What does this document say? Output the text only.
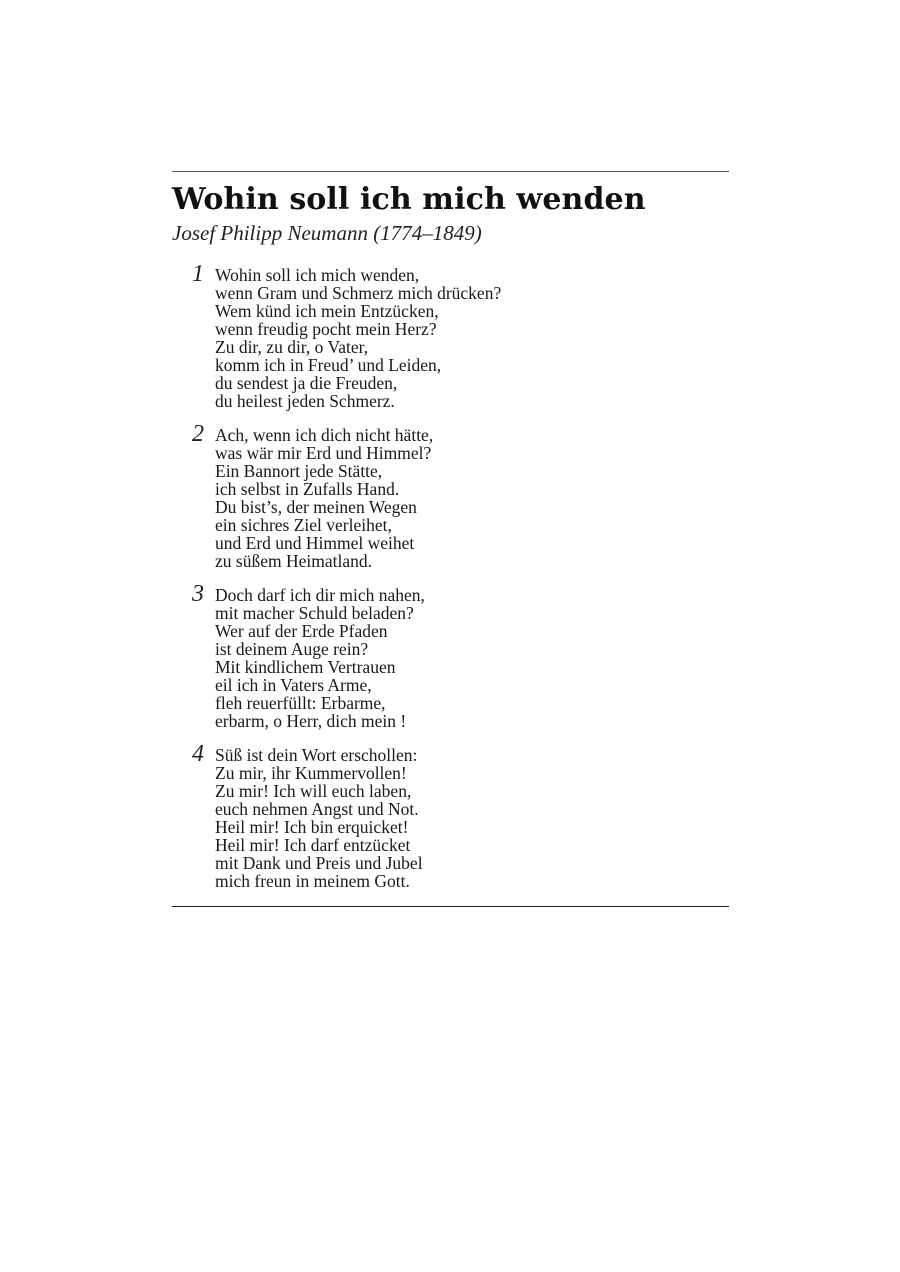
Wohin soll ich mich wenden
Josef Philipp Neumann (1774–1849)
1 Wohin soll ich mich wenden,
wenn Gram und Schmerz mich drücken?
Wem künd ich mein Entzücken,
wenn freudig pocht mein Herz?
Zu dir, zu dir, o Vater,
komm ich in Freud’ und Leiden,
du sendest ja die Freuden,
du heilest jeden Schmerz.
2 Ach, wenn ich dich nicht hätte,
was wär mir Erd und Himmel?
Ein Bannort jede Stätte,
ich selbst in Zufalls Hand.
Du bist’s, der meinen Wegen
ein sichres Ziel verleihet,
und Erd und Himmel weihet
zu süßem Heimatland.
3 Doch darf ich dir mich nahen,
mit macher Schuld beladen?
Wer auf der Erde Pfaden
ist deinem Auge rein?
Mit kindlichem Vertrauen
eil ich in Vaters Arme,
fleh reuerfüllt: Erbarme,
erbarm, o Herr, dich mein !
4 Süß ist dein Wort erschollen:
Zu mir, ihr Kummervollen!
Zu mir! Ich will euch laben,
euch nehmen Angst und Not.
Heil mir! Ich bin erquicket!
Heil mir! Ich darf entzücket
mit Dank und Preis und Jubel
mich freun in meinem Gott.
